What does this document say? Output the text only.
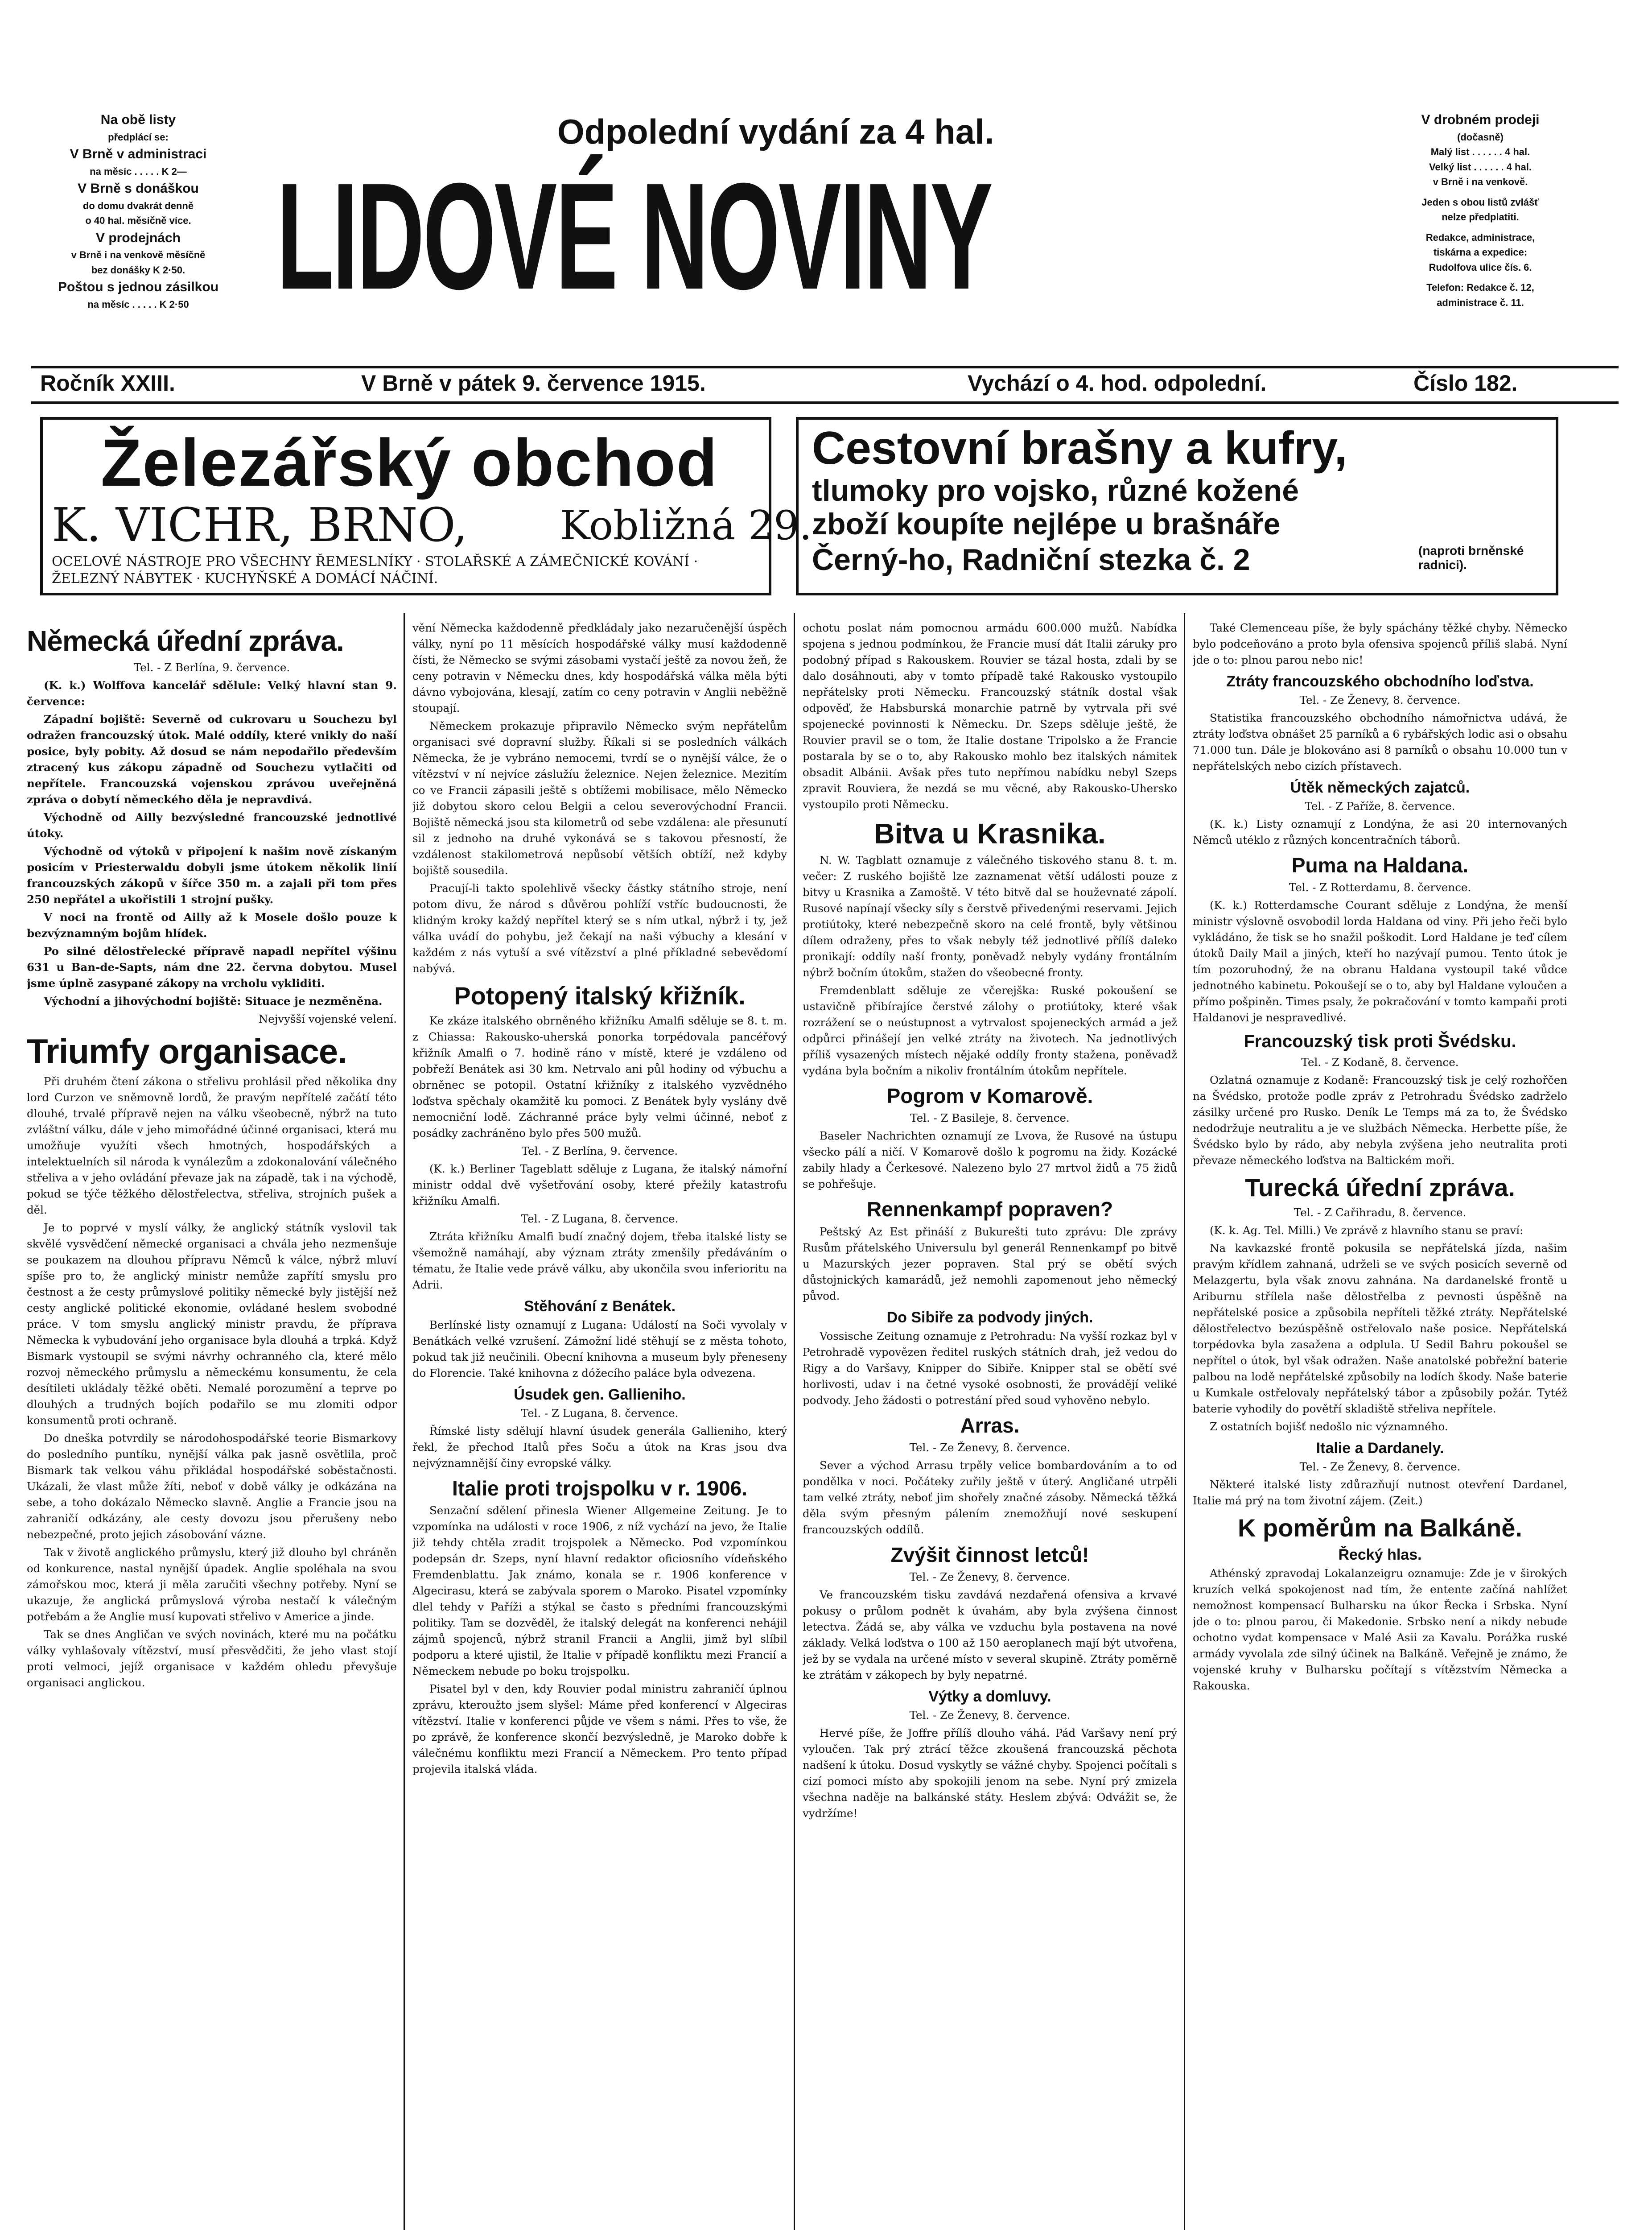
Na obě listy

předplácí se:

V Brně v administraci

na měsíc . . . . . K 2—

V Brně s donáškou

do domu dvakrát denně

o 40 hal. měsíčně více.

V prodejnách

v Brně i na venkově měsíčně

bez donášky K 2·50.

Poštou s jednou zásilkou

na měsíc . . . . . K 2·50

Odpolední vydání za 4 hal.
LIDOVÉ NOVINY

V drobném prodeji

(dočasně)

Malý list . . . . . . 4 hal.

Velký list . . . . . . 4 hal.

v Brně i na venkově.

Jeden s obou listů zvlášť

nelze předplatiti.

Redakce, administrace,

tiskárna a expedice:

Rudolfova ulice čís. 6.

Telefon: Redakce č. 12,

administrace č. 11.

Ročník XXIII.	V Brně v pátek 9. července 1915.	Vychází o 4. hod. odpolední.	Číslo 182.
Železářský obchod
K. VICHR, BRNO, Kobližná 29.
OCELOVÉ NÁSTROJE PRO VŠECHNY ŘEMESLNÍKY · STOLAŘSKÉ A ZÁMEČNICKÉ KOVÁNÍ · ŽELEZNÝ NÁBYTEK · KUCHYŇSKÉ A DOMÁCÍ NÁČINÍ.
Cestovní brašny a kufry,
tlumoky pro vojsko, různé kožené
zboží koupíte nejlépe u brašnáře
Černý-ho, Radniční stezka č. 2	(naproti brněnské radnici).
Německá úřední zpráva.

Tel. - Z Berlína, 9. července.

(K. k.) Wolffova kancelář sdělule: Velký hlavní stan 9. července:

Západní bojiště: Severně od cukrovaru u Souchezu byl odražen francouzský útok. Malé oddíly, které vnikly do naší posice, byly pobity. Až dosud se nám nepodařilo především ztracený kus zákopu západně od Souchezu vytlačiti od nepřítele. Francouzská vojenskou zprávou uveřejněná zpráva o dobytí německého děla je nepravdivá.

Východně od Ailly bezvýsledné francouzské jednotlivé útoky.

Východně od výtoků v připojení k našim nově získaným posicím v Priesterwaldu dobyli jsme útokem několik linií francouzských zákopů v šířce 350 m. a zajali při tom přes 250 nepřátel a ukořistili 1 strojní pušky.

V noci na frontě od Ailly až k Mosele došlo pouze k bezvýznamným bojům hlídek.

Po silné dělostřelecké přípravě napadl nepřítel výšinu 631 u Ban-de-Sapts, nám dne 22. června dobytou. Musel jsme úplně zasypané zákopy na vrcholu vykliditi.

Východní a jihovýchodní bojiště: Situace je nezměněna.

Nejvyšší vojenské velení.

Triumfy organisace.

Při druhém čtení zákona o střelivu prohlásil před několika dny lord Curzon ve sněmovně lordů, že pravým nepřítelé začátí této dlouhé, trvalé přípravě nejen na válku všeobecně, nýbrž na tuto zvláštní válku, dále v jeho mimořádné účinné organisaci, která mu umožňuje využíti všech hmotných, hospodářských a intelektuelních sil národa k vynálezům a zdokonalování válečného střeliva a v jeho ovládání převaze jak na západě, tak i na východě, pokud se týče těžkého dělostřelectva, střeliva, strojních pušek a děl.

Je to poprvé v myslí války, že anglický státník vyslovil tak skvělé vysvědčení německé organisaci a chvála jeho nezmenšuje se poukazem na dlouhou přípravu Němců k válce, nýbrž mluví spíše pro to, že anglický ministr nemůže zapřítí smyslu pro čestnost a že cesty průmyslové politiky německé byly jistější než cesty anglické politické ekonomie, ovládané heslem svobodné práce. V tom smyslu anglický ministr pravdu, že příprava Německa k vybudování jeho organisace byla dlouhá a trpká. Když Bismark vystoupil se svými návrhy ochranného cla, které mělo rozvoj německého průmyslu a německému konsumentu, že cela desítileti ukládaly těžké oběti. Nemalé porozumění a teprve po dlouhých a trudných bojích podařilo se mu zlomiti odpor konsumentů proti ochraně.

Do dneška potvrdily se národohospodářské teorie Bismarkovy do posledního puntíku, nynější válka pak jasně osvětlila, proč Bismark tak velkou váhu přikládal hospodářské soběstačnosti. Ukázali, že vlast může žíti, neboť v době války je odkázána na sebe, a toho dokázalo Německo slavně. Anglie a Francie jsou na zahraničí odkázány, ale cesty dovozu jsou přerušeny nebo nebezpečné, proto jejich zásobování vázne.

Tak v životě anglického průmyslu, který již dlouho byl chráněn od konkurence, nastal nynější úpadek. Anglie spoléhala na svou zámořskou moc, která ji měla zaručiti všechny potřeby. Nyní se ukazuje, že anglická průmyslová výroba nestačí k válečným potřebám a že Anglie musí kupovati střelivo v Americe a jinde.

Tak se dnes Angličan ve svých novinách, které mu na počátku války vyhlašovaly vítězství, musí přesvědčiti, že jeho vlast stojí proti velmoci, jejíž organisace v každém ohledu převyšuje organisaci anglickou.

vění Německa každodenně předkládaly jako nezaručenější úspěch války, nyní po 11 měsících hospodářské války musí každodenně čísti, že Německo se svými zásobami vystačí ještě za novou žeň, že ceny potravin v Německu dnes, kdy hospodářská válka měla býti dávno vybojována, klesají, zatím co ceny potravin v Anglii neběžně stoupají.

Německem prokazuje připravilo Německo svým nepřátelům organisaci své dopravní služby. Říkali si se posledních válkách Německa, že je vybráno nemocemi, tvrdí se o nynější válce, že o vítězství v ní nejvíce záslužíu železnice. Nejen železnice. Mezitím co ve Francii zápasili ještě s obtížemi mobilisace, mělo Německo již dobytou skoro celou Belgii a celou severovýchodní Francii. Bojiště německá jsou sta kilometrů od sebe vzdálena: ale přesunutí sil z jednoho na druhé vykonává se s takovou přesností, že vzdálenost stakilometrová nepůsobí větších obtíží, než kdyby bojiště sousedila.

Pracují-li takto spolehlivě všecky částky státního stroje, není potom divu, že národ s důvěrou pohlíží vstříc budoucnosti, že klidným kroky každý nepřítel který se s ním utkal, nýbrž i ty, jež válka uvádí do pohybu, jež čekají na naši výbuchy a klesání v každém z nás vytuší a své vítězství a plné příkladné sebevědomí nabývá.

Potopený italský křižník.

Ke zkáze italského obrněného křižníku Amalfi sděluje se 8. t. m. z Chiassa: Rakousko-uherská ponorka torpédovala pancéřový křižník Amalfi o 7. hodině ráno v místě, které je vzdáleno od pobřeží Benátek asi 30 km. Netrvalo ani půl hodiny od výbuchu a obrněnec se potopil. Ostatní křižníky z italského vyzvědného loďstva spěchaly okamžitě ku pomoci. Z Benátek byly vyslány dvě nemocniční lodě. Záchranné práce byly velmi účinné, neboť z posádky zachráněno bylo přes 500 mužů.

Tel. - Z Berlína, 9. července.

(K. k.) Berliner Tageblatt sděluje z Lugana, že italský námořní ministr oddal dvě vyšetřování osoby, které přežily katastrofu křižníku Amalfi.

Tel. - Z Lugana, 8. července.

Ztráta křižníku Amalfi budí značný dojem, třeba italské listy se všemožně namáhají, aby význam ztráty zmenšily předáváním o tématu, že Italie vede právě válku, aby ukončila svou inferioritu na Adrii.

Stěhování z Benátek.

Berlínské listy oznamují z Lugana: Událostí na Soči vyvolaly v Benátkách velké vzrušení. Zámožní lidé stěhují se z města tohoto, pokud tak již neučinili. Obecní knihovna a museum byly přeneseny do Florencie. Také knihovna z dóžecího paláce byla odvezena.

Úsudek gen. Gallieniho.

Tel. - Z Lugana, 8. července.

Římské listy sdělují hlavní úsudek generála Gallieniho, který řekl, že přechod Italů přes Soču a útok na Kras jsou dva nejvýznamnější činy evropské války.

Italie proti trojspolku v r. 1906.

Senzační sdělení přinesla Wiener Allgemeine Zeitung. Je to vzpomínka na události v roce 1906, z níž vychází na jevo, že Italie již tehdy chtěla zradit trojspolek a Německo. Pod vzpomínkou podepsán dr. Szeps, nyní hlavní redaktor oficiosního vídeňského Fremdenblattu. Jak známo, konala se r. 1906 konference v Algecirasu, která se zabývala sporem o Maroko. Pisatel vzpomínky dlel tehdy v Paříži a stýkal se často s předními francouzskými politiky. Tam se dozvěděl, že italský delegát na konferenci nehájil zájmů spojenců, nýbrž stranil Francii a Anglii, jimž byl slíbil podporu a které ujistil, že Italie v případě konfliktu mezi Francií a Německem nebude po boku trojspolku.

Pisatel byl v den, kdy Rouvier podal ministru zahraničí úplnou zprávu, kteroužto jsem slyšel: Máme před konferencí v Algeciras vítězství. Italie v konferenci půjde ve všem s námi. Přes to vše, že po zprávě, že konference skončí bezvýsledně, je Maroko dobře k válečnému konfliktu mezi Francií a Německem. Pro tento případ projevila italská vláda.

ochotu poslat nám pomocnou armádu 600.000 mužů. Nabídka spojena s jednou podmínkou, že Francie musí dát Italii záruky pro podobný případ s Rakouskem. Rouvier se tázal hosta, zdali by se dalo dosáhnouti, aby v tomto případě také Rakousko vystoupilo nepřátelsky proti Německu. Francouzský státník dostal však odpověď, že Habsburská monarchie patrně by vytrvala při své spojenecké povinnosti k Německu. Dr. Szeps sděluje ještě, že Rouvier pravil se o tom, že Italie dostane Tripolsko a že Francie postarala by se o to, aby Rakousko mohlo bez italských námitek obsadit Albánii. Avšak přes tuto nepřímou nabídku nebyl Szeps zpravit Rouviera, že nezdá se mu věcné, aby Rakousko-Uhersko vystoupilo proti Německu.

Bitva u Krasnika.

N. W. Tagblatt oznamuje z válečného tiskového stanu 8. t. m. večer: Z ruského bojiště lze zaznamenat větší události pouze z bitvy u Krasnika a Zamoště. V této bitvě dal se houževnaté zápolí. Rusové napínají všecky síly s čerstvě přivedenými reservami. Jejich protiútoky, které nebezpečně skoro na celé frontě, byly většinou dílem odraženy, přes to však nebyly též jednotlivé přílíš daleko pronikají: oddíly naší fronty, poněvadž nebyly vydány frontálním nýbrž bočním útokům, stažen do všeobecné fronty.

Fremdenblatt sděluje ze včerejška: Ruské pokoušení se ustavičně přibírajíce čerstvé zálohy o protiútoky, které však rozrážení se o neústupnost a vytrvalost spojeneckých armád a jež odpůrci přinášejí jen velké ztráty na životech. Na jednotlivých příliš vysazených místech nějaké oddíly fronty stažena, poněvadž vydána byla bočním a nikoliv frontálním útokům nepřítele.

Pogrom v Komarově.

Tel. - Z Basileje, 8. července.

Baseler Nachrichten oznamují ze Lvova, že Rusové na ústupu všecko pálí a ničí. V Komarově došlo k pogromu na židy. Kozácké zabily hlady a Čerkesové. Nalezeno bylo 27 mrtvol židů a 75 židů se pohřešuje.

Rennenkampf popraven?

Peštský Az Est přináší z Bukurešti tuto zprávu: Dle zprávy Rusům přátelského Universulu byl generál Rennenkampf po bitvě u Mazurských jezer popraven. Stal prý se obětí svých důstojnických kamarádů, jež nemohli zapomenout jeho německý původ.

Do Sibiře za podvody jiných.

Vossische Zeitung oznamuje z Petrohradu: Na vyšší rozkaz byl v Petrohradě vypovězen ředitel ruských státních drah, jež vedou do Rigy a do Varšavy, Knipper do Sibiře. Knipper stal se obětí své horlivosti, udav i na četné vysoké osobnosti, že provádějí veliké podvody. Jeho žádosti o potrestání před soud vyhověno nebylo.

Arras.

Tel. - Ze Ženevy, 8. července.

Sever a východ Arrasu trpěly velice bombardováním a to od pondělka v noci. Počáteky zuřily ještě v úterý. Angličané utrpěli tam velké ztráty, neboť jim shořely značné zásoby. Německá těžká děla svým přesným pálením znemožňují nové seskupení francouzských oddílů.

Zvýšit činnost letců!

Tel. - Ze Ženevy, 8. července.

Ve francouzském tisku zavdává nezdařená ofensiva a krvavé pokusy o průlom podnět k úvahám, aby byla zvýšena činnost letectva. Žádá se, aby válka ve vzduchu byla postavena na nové základy. Velká loďstva o 100 až 150 aeroplanech mají být utvořena, jež by se vydala na určené místo v several skupině. Ztráty poměrně ke ztrátám v zákopech by byly nepatrné.

Výtky a domluvy.

Tel. - Ze Ženevy, 8. července.

Hervé píše, že Joffre přílíš dlouho váhá. Pád Varšavy není prý vyloučen. Tak prý ztrácí těžce zkoušená francouzská pěchota nadšení k útoku. Dosud vyskytly se vážné chyby. Spojenci počítali s cizí pomoci místo aby spokojili jenom na sebe. Nyní prý zmizela všechna naděje na balkánské státy. Heslem zbývá: Odvážit se, že vydržíme!

Také Clemenceau píše, že byly spáchány těžké chyby. Německo bylo podceňováno a proto byla ofensiva spojenců příliš slabá. Nyní jde o to: plnou parou nebo nic!

Ztráty francouzského obchodního loďstva.

Tel. - Ze Ženevy, 8. července.

Statistika francouzského obchodního námořnictva udává, že ztráty loďstva obnášet 25 parníků a 6 rybářských lodic asi o obsahu 71.000 tun. Dále je blokováno asi 8 parníků o obsahu 10.000 tun v nepřátelských nebo cizích přístavech.

Útěk německých zajatců.

Tel. - Z Paříže, 8. července.

(K. k.) Listy oznamují z Londýna, že asi 20 internovaných Němců utéklo z různých koncentračních táborů.

Puma na Haldana.

Tel. - Z Rotterdamu, 8. července.

(K. k.) Rotterdamsche Courant sděluje z Londýna, že menší ministr výslovně osvobodil lorda Haldana od viny. Při jeho řeči bylo vykládáno, že tisk se ho snažil poškodit. Lord Haldane je teď cílem útoků Daily Mail a jiných, kteří ho nazývají pumou. Tento útok je tím pozoruhodný, že na obranu Haldana vystoupil také vůdce jednotného kabinetu. Pokoušejí se o to, aby byl Haldane vyloučen a přímo pošpiněn. Times psaly, že pokračování v tomto kampaňi proti Haldanovi je nespravedlivé.

Francouzský tisk proti Švédsku.

Tel. - Z Kodaně, 8. července.

Ozlatná oznamuje z Kodaně: Francouzský tisk je celý rozhořčen na Švédsko, protože podle zpráv z Petrohradu Švédsko zadrželo zásilky určené pro Rusko. Deník Le Temps má za to, že Švédsko nedodržuje neutralitu a je ve službách Německa. Herbette píše, že Švédsko bylo by rádo, aby nebyla zvýšena jeho neutralita proti převaze německého loďstva na Baltickém moři.

Turecká úřední zpráva.

Tel. - Z Cařihradu, 8. července.

(K. k. Ag. Tel. Milli.) Ve zprávě z hlavního stanu se praví:

Na kavkazské frontě pokusila se nepřátelská jízda, našim pravým křídlem zahnaná, udrželi se ve svých posicích severně od Melazgertu, byla však znovu zahnána. Na dardanelské frontě u Ariburnu střílela naše dělostřelba z pevnosti úspěšně na nepřátelské posice a způsobila nepříteli těžké ztráty. Nepřátelské dělostřelectvo bezúspěšně ostřelovalo naše posice. Nepřátelská torpédovka byla zasažena a odplula. U Sedil Bahru pokoušel se nepřítel o útok, byl však odražen. Naše anatolské pobřežní baterie palbou na lodě nepřátelské způsobily na lodích škody. Naše baterie u Kumkale ostřelovaly nepřátelský tábor a způsobily požár. Tytéž baterie vyhodily do povětří skladiště střeliva nepřítele.

Z ostatních bojišť nedošlo nic významného.

Italie a Dardanely.

Tel. - Ze Ženevy, 8. července.

Některé italské listy zdůrazňují nutnost otevření Dardanel, Italie má prý na tom životní zájem. (Zeit.)

K poměrům na Balkáně.
Řecký hlas.

Athénský zpravodaj Lokalanzeigru oznamuje: Zde je v širokých kruzích velká spokojenost nad tím, že entente začíná nahlížet nemožnost kompensací Bulharsku na úkor Řecka i Srbska. Nyní jde o to: plnou parou, či Makedonie. Srbsko není a nikdy nebude ochotno vydat kompensace v Malé Asii za Kavalu. Porážka ruské armády vyvolala zde silný účinek na Balkáně. Veřejně je známo, že vojenské kruhy v Bulharsku počítají s vítězstvím Německa a Rakouska.
